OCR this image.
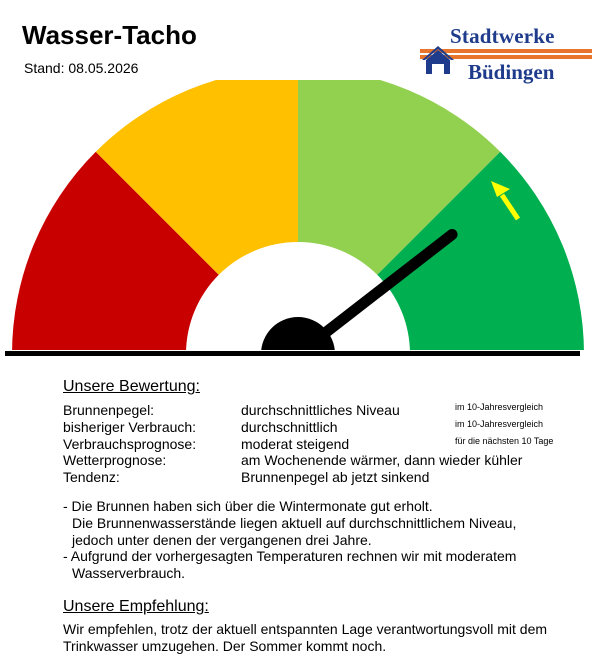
Wasser-Tacho
Stand: 08.05.2026
Stadtwerke
Büdingen
Unsere Bewertung:
Brunnenpegel:	durchschnittliches Niveau	im 10-Jahresvergleich
bisheriger Verbrauch:	durchschnittlich	im 10-Jahresvergleich
Verbrauchsprognose:	moderat steigend	für die nächsten 10 Tage
Wetterprognose:	am Wochenende wärmer, dann wieder kühler
Tendenz:	Brunnenpegel ab jetzt sinkend
- Die Brunnen haben sich über die Wintermonate gut erholt.
Die Brunnenwasserstände liegen aktuell auf durchschnittlichem Niveau,
jedoch unter denen der vergangenen drei Jahre.
- Aufgrund der vorhergesagten Temperaturen rechnen wir mit moderatem
Wasserverbrauch.
Unsere Empfehlung:
Wir empfehlen, trotz der aktuell entspannten Lage verantwortungsvoll mit dem
Trinkwasser umzugehen. Der Sommer kommt noch.
